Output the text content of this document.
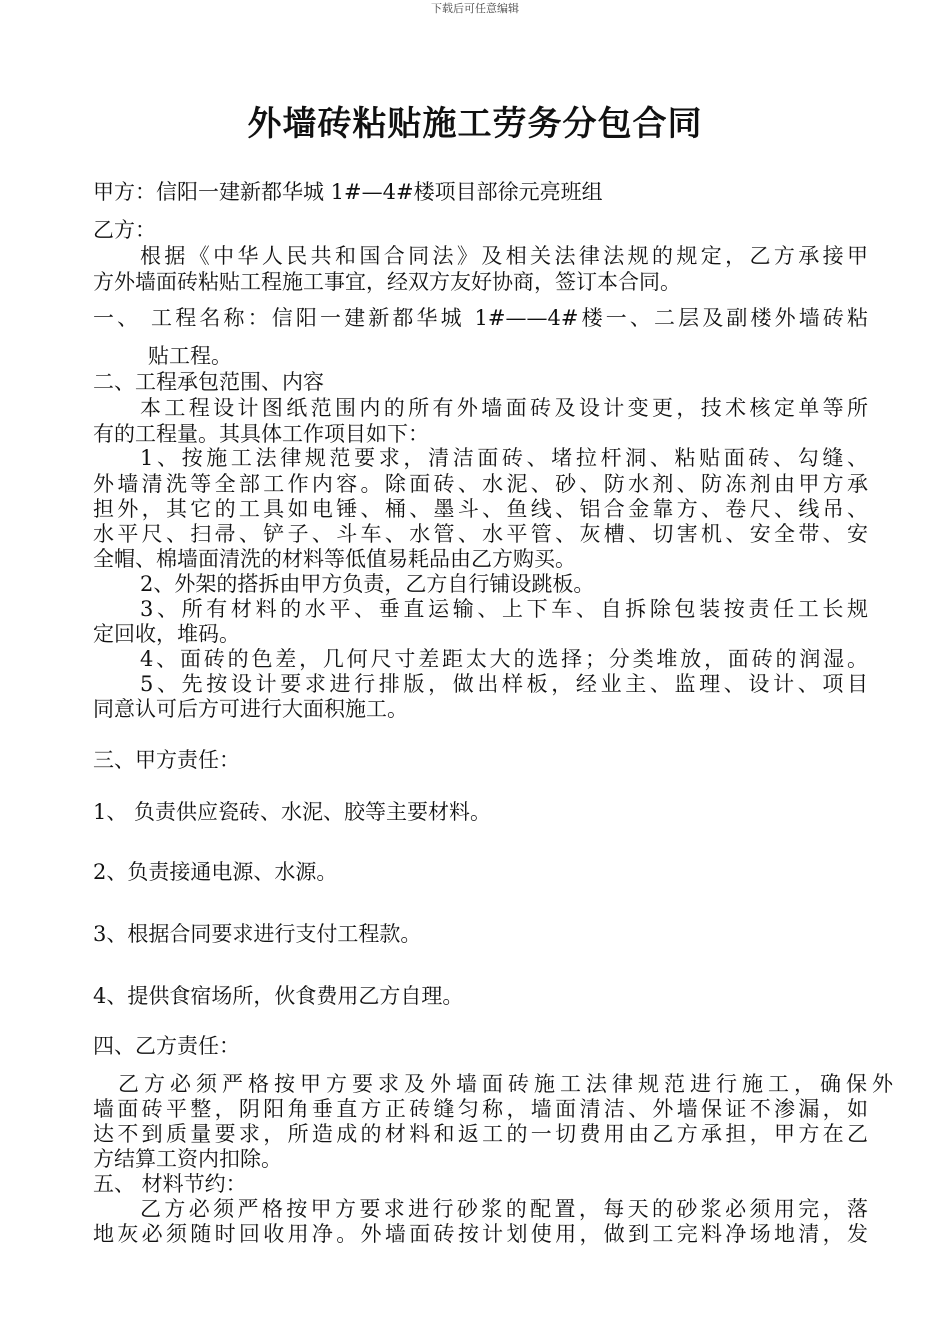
下载后可任意编辑
外墙砖粘贴施工劳务分包合同
甲方：信阳一建新都华城 1#—4#楼项目部徐元亮班组
乙方：
根据《中华人民共和国合同法》及相关法律法规的规定，乙方承接甲
方外墙面砖粘贴工程施工事宜，经双方友好协商，签订本合同。
一、 工程名称：信阳一建新都华城 1#——4#楼一、二层及副楼外墙砖粘
贴工程。
二、工程承包范围、内容
本工程设计图纸范围内的所有外墙面砖及设计变更，技术核定单等所
有的工程量。其具体工作项目如下：
1、按施工法律规范要求，清洁面砖、堵拉杆洞、粘贴面砖、勾缝、
外墙清洗等全部工作内容。除面砖、水泥、砂、防水剂、防冻剂由甲方承
担外，其它的工具如电锤、桶、墨斗、鱼线、铝合金靠方、卷尺、线吊、
水平尺、扫帚、铲子、斗车、水管、水平管、灰槽、切害机、安全带、安
全帽、棉墙面清洗的材料等低值易耗品由乙方购买。
2、外架的搭拆由甲方负责，乙方自行铺设跳板。
3、所有材料的水平、垂直运输、上下车、自拆除包装按责任工长规
定回收，堆码。
4、面砖的色差，几何尺寸差距太大的选择；分类堆放，面砖的润湿。
5、先按设计要求进行排版，做出样板，经业主、监理、设计、项目
同意认可后方可进行大面积施工。
三、甲方责任：
1、 负责供应瓷砖、水泥、胶等主要材料。
2、负责接通电源、水源。
3、根据合同要求进行支付工程款。
4、提供食宿场所，伙食费用乙方自理。
四、乙方责任：
乙方必须严格按甲方要求及外墙面砖施工法律规范进行施工，确保外
墙面砖平整，阴阳角垂直方正砖缝匀称，墙面清洁、外墙保证不渗漏，如
达不到质量要求，所造成的材料和返工的一切费用由乙方承担，甲方在乙
方结算工资内扣除。
五、 材料节约：
乙方必须严格按甲方要求进行砂浆的配置，每天的砂浆必须用完，落
地灰必须随时回收用净。外墙面砖按计划使用，做到工完料净场地清，发
